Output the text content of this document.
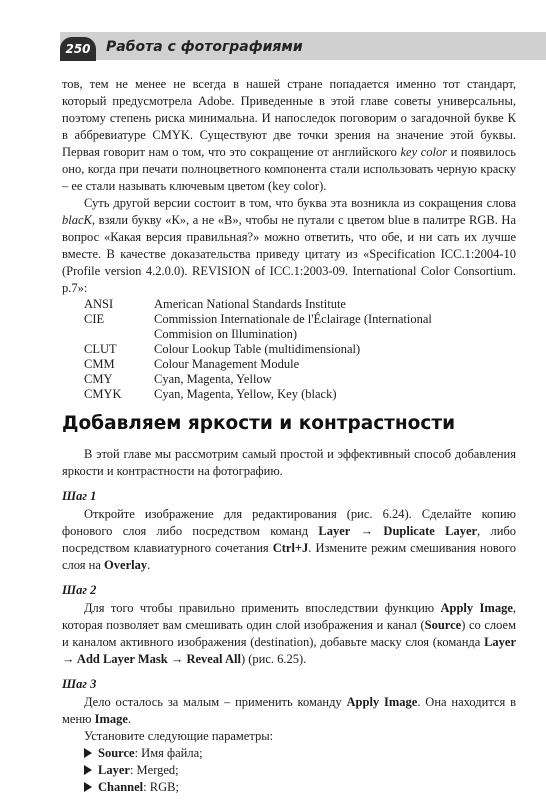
250	Работа с фотографиями

тов, тем не менее не всегда в нашей стране попадается именно тот стандарт, который предусмотрела Adobe. Приведенные в этой главе советы универсальны, поэтому степень риска минимальна. И напоследок поговорим о загадочной букве К в аббревиатуре CMYK. Существуют две точки зрения на значение этой буквы. Первая говорит нам о том, что это сокращение от английского key color и появилось оно, когда при печати полноцветного компонента стали использовать черную краску – ее стали называть ключевым цветом (key color).

Суть другой версии состоит в том, что буква эта возникла из сокращения слова blacK, взяли букву «К», а не «В», чтобы не путали с цветом blue в палитре RGB. На вопрос «Какая версия правильная?» можно ответить, что обе, и ни сать их лучше вместе. В качестве доказательства приведу цитату из «Specification ICC.1:2004-10 (Profile version 4.2.0.0). REVISION of ICC.1:2003-09. International Color Consortium. p.7»:

ANSI	American National Standards Institute
CIE	Commission Internationale de l'Éclairage (International
	Commision on Illumination)
CLUT	Colour Lookup Table (multidimensional)
CMM	Colour Management Module
CMY	Cyan, Magenta, Yellow
CMYK	Cyan, Magenta, Yellow, Key (black)
Добавляем яркости и контрастности

В этой главе мы рассмотрим самый простой и эффективный способ добавления яркости и контрастности на фотографию.

Шаг 1

Откройте изображение для редактирования (рис. 6.24). Сделайте копию фонового слоя либо посредством команд Layer → Duplicate Layer, либо посредством клавиатурного сочетания Ctrl+J. Измените режим смешивания нового слоя на Overlay.

Шаг 2

Для того чтобы правильно применить впоследствии функцию Apply Image, которая позволяет вам смешивать один слой изображения и канал (Source) со слоем и каналом активного изображения (destination), добавьте маску слоя (команда Layer → Add Layer Mask → Reveal All) (рис. 6.25).

Шаг 3

Дело осталось за малым – применить команду Apply Image. Она находится в меню Image.

Установите следующие параметры:

Source: Имя файла;
Layer: Merged;
Channel: RGB;
